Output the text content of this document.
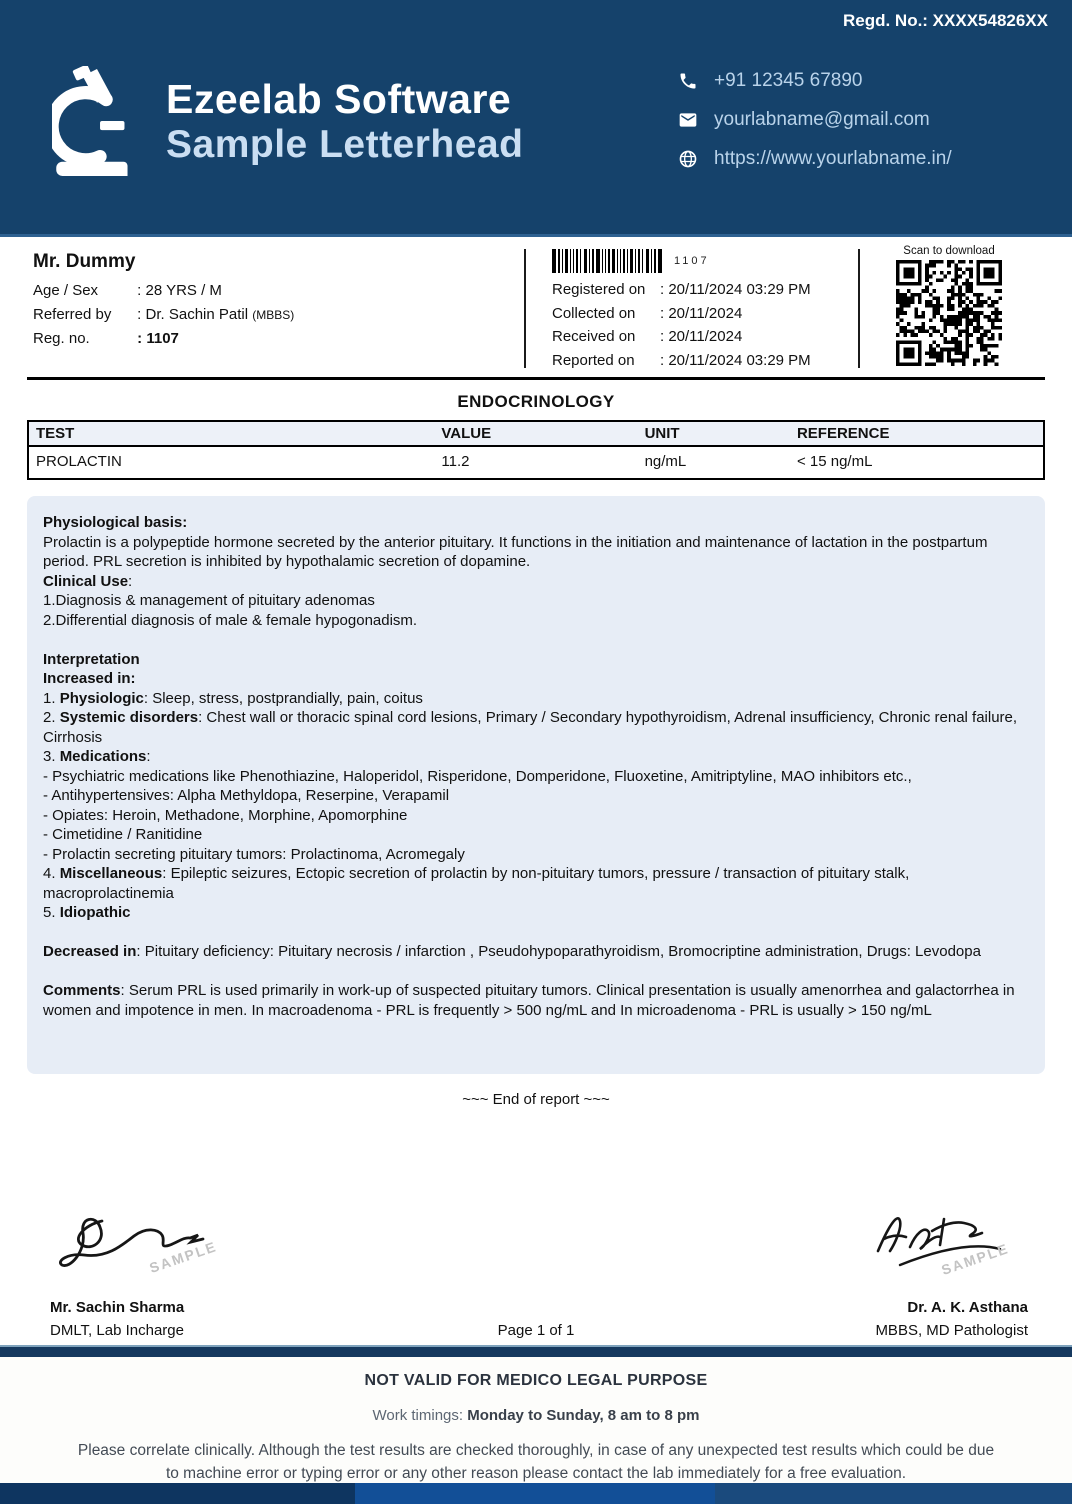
Regd. No.: XXXX54826XX
Ezeelab Software
Sample Letterhead
+91 12345 67890
yourlabname@gmail.com
https://www.yourlabname.in/
Mr. Dummy
Age / Sex	: 28 YRS / M
Referred by : Dr. Sachin Patil (MBBS)
Reg. no.	: 1107
1107
Registered on : 20/11/2024 03:29 PM
Collected on : 20/11/2024
Received on : 20/11/2024
Reported on : 20/11/2024 03:29 PM
Scan to download
ENDOCRINOLOGY
TEST	VALUE	UNIT	REFERENCE
PROLACTIN	11.2	ng/mL	< 15 ng/mL
Physiological basis:
Prolactin is a polypeptide hormone secreted by the anterior pituitary. It functions in the initiation and maintenance of lactation in the postpartum period. PRL secretion is inhibited by hypothalamic secretion of dopamine.
Clinical Use:
1.Diagnosis & management of pituitary adenomas
2.Differential diagnosis of male & female hypogonadism.
Interpretation
Increased in:
1. Physiologic: Sleep, stress, postprandially, pain, coitus
2. Systemic disorders: Chest wall or thoracic spinal cord lesions, Primary / Secondary hypothyroidism, Adrenal insufficiency, Chronic renal failure, Cirrhosis
3. Medications:
- Psychiatric medications like Phenothiazine, Haloperidol, Risperidone, Domperidone, Fluoxetine, Amitriptyline, MAO inhibitors etc.,
- Antihypertensives: Alpha Methyldopa, Reserpine, Verapamil
- Opiates: Heroin, Methadone, Morphine, Apomorphine
- Cimetidine / Ranitidine
- Prolactin secreting pituitary tumors: Prolactinoma, Acromegaly
4. Miscellaneous: Epileptic seizures, Ectopic secretion of prolactin by non-pituitary tumors, pressure / transaction of pituitary stalk, macroprolactinemia
5. Idiopathic
Decreased in: Pituitary deficiency: Pituitary necrosis / infarction , Pseudohypoparathyroidism, Bromocriptine administration, Drugs: Levodopa
Comments: Serum PRL is used primarily in work-up of suspected pituitary tumors. Clinical presentation is usually amenorrhea and galactorrhea in women and impotence in men. In macroadenoma - PRL is frequently > 500 ng/mL and In microadenoma - PRL is usually > 150 ng/mL
~~~ End of report ~~~
SAMPLE
Mr. Sachin Sharma
DMLT, Lab Incharge	Page 1 of 1
SAMPLE
Dr. A. K. Asthana
MBBS, MD Pathologist
NOT VALID FOR MEDICO LEGAL PURPOSE
Work timings: Monday to Sunday, 8 am to 8 pm
Please correlate clinically. Although the test results are checked thoroughly, in case of any unexpected test results which could be due to machine error or typing error or any other reason please contact the lab immediately for a free evaluation.
